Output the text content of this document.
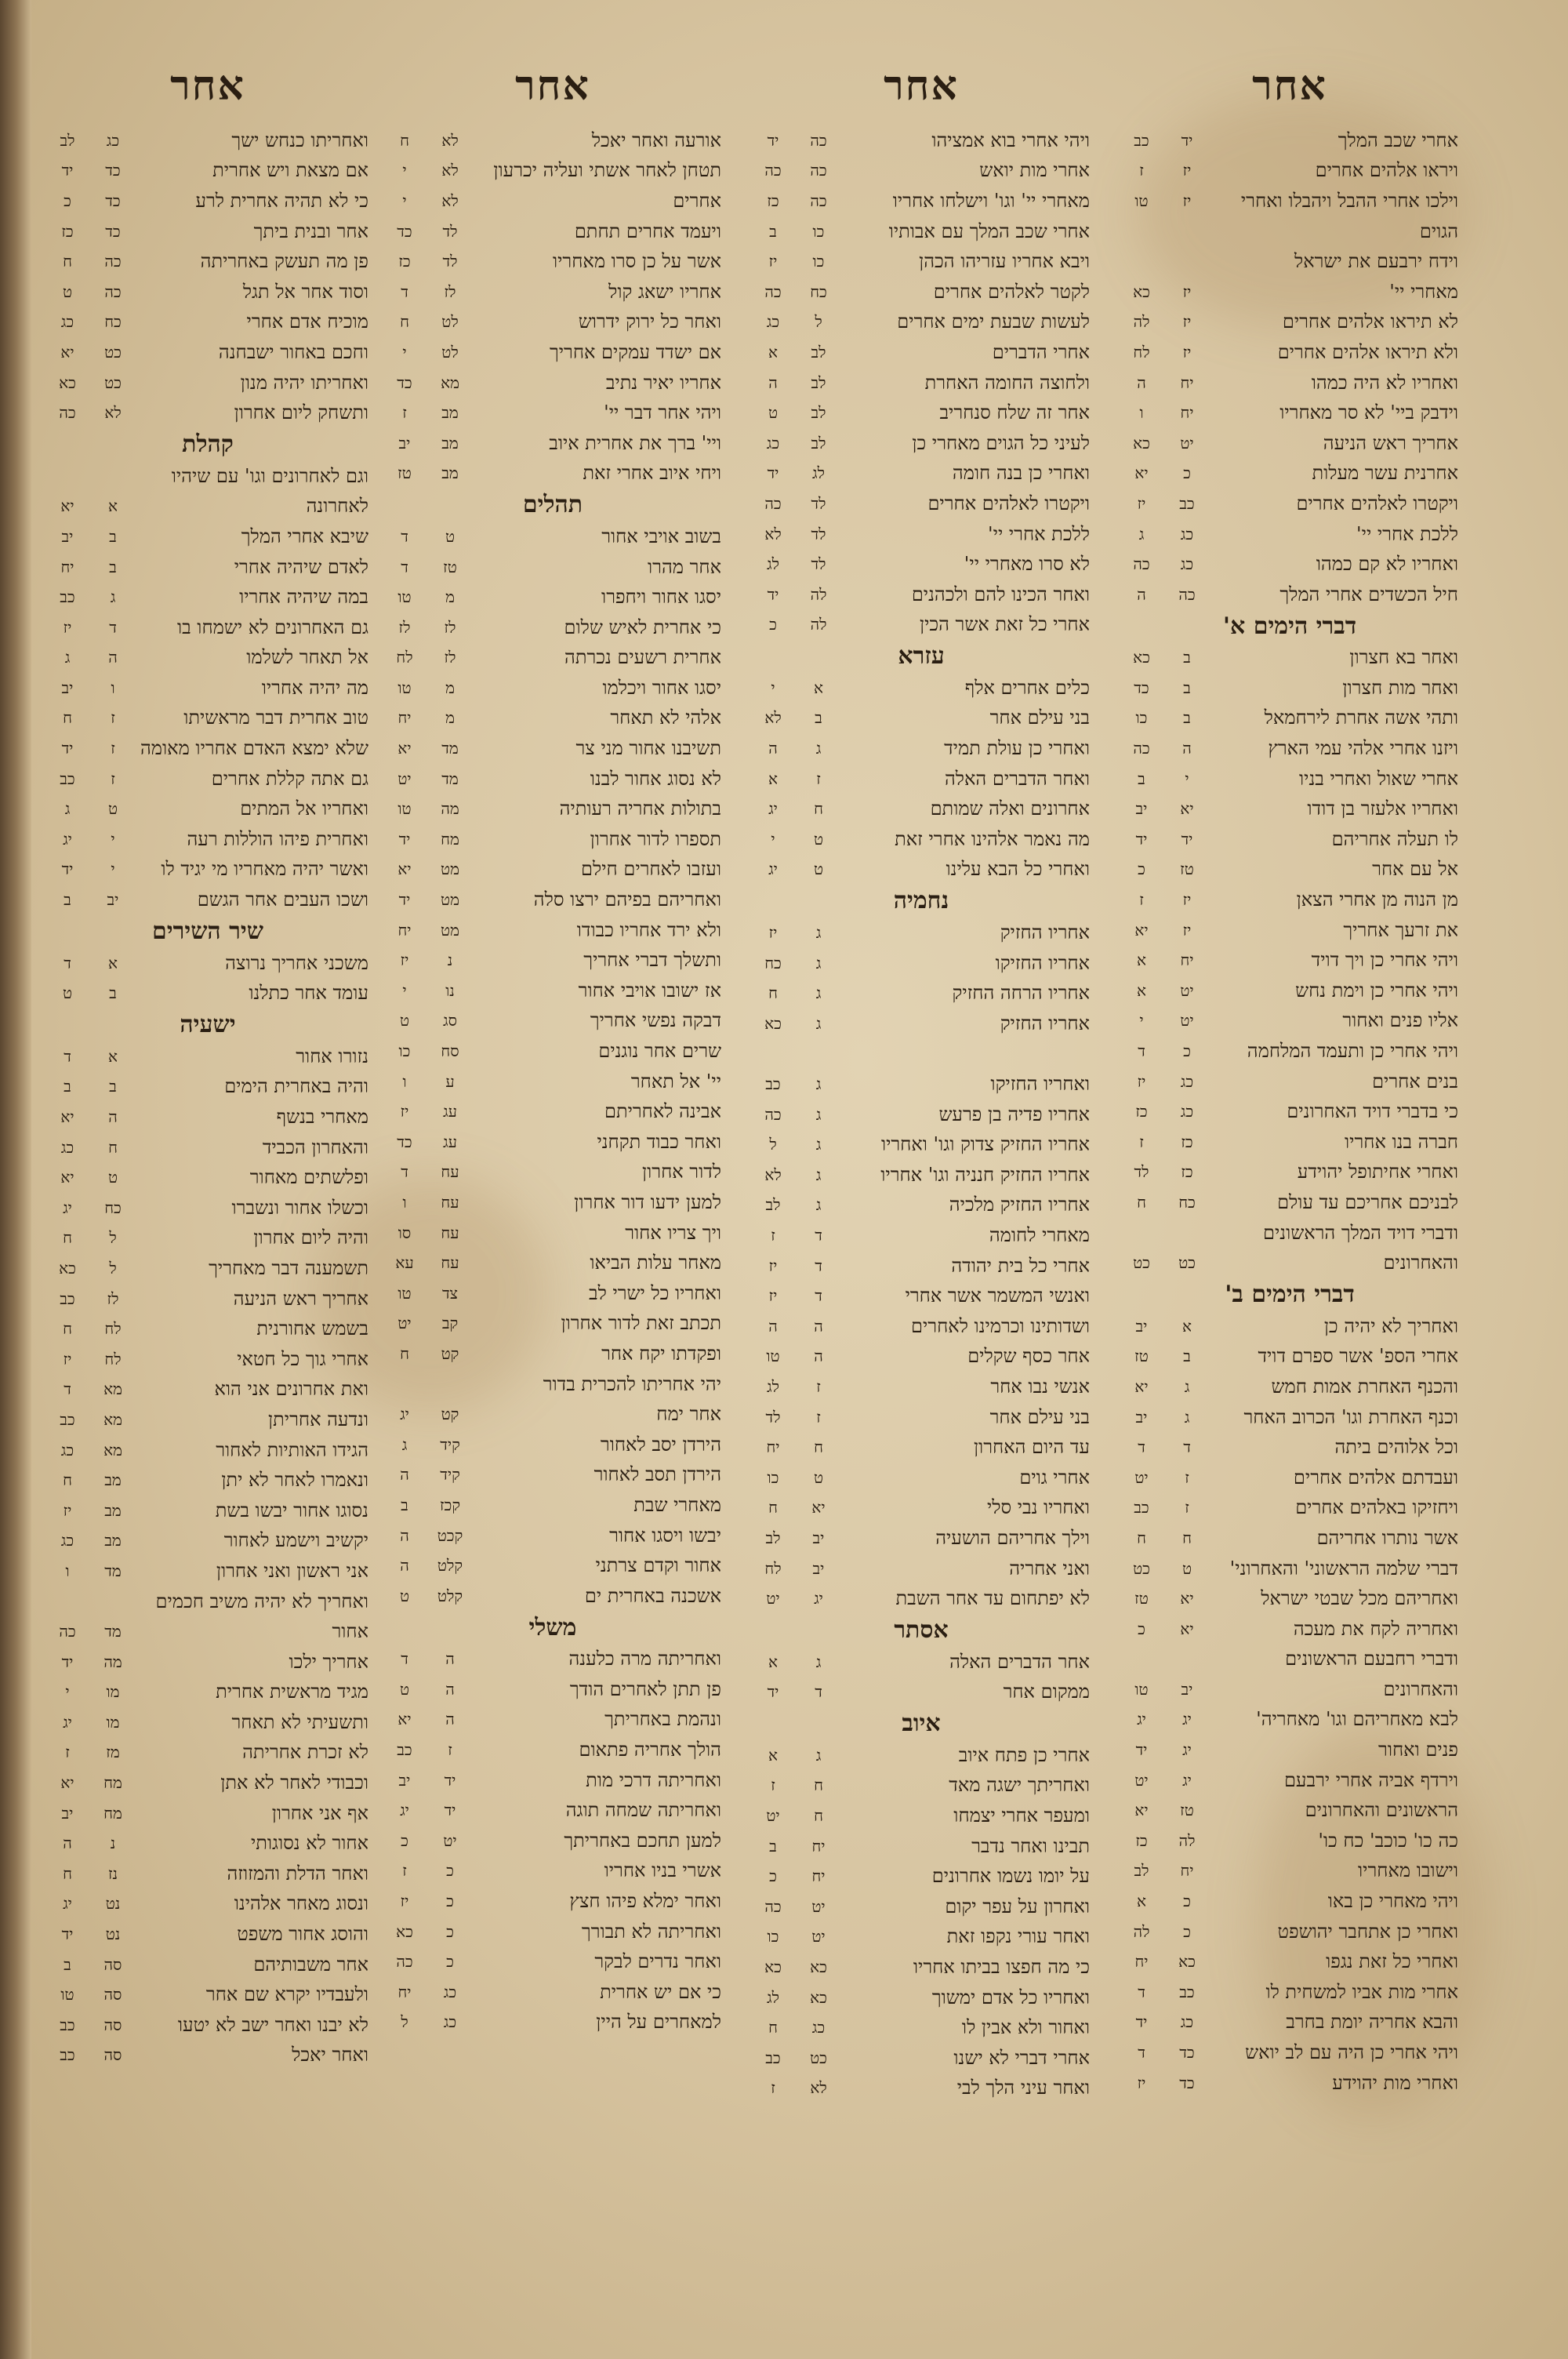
אחר
אחרי שכב המלך
יד
כב
ויראו אלהים אחרים
יז
ז
וילכו אחרי ההבל ויהבלו ואחרי
יז
טו
הגוים
וידח ירבעם את ישראל
מאחרי יי'
יז
כא
לא תיראו אלהים אחרים
יז
לה
ולא תיראו אלהים אחרים
יז
לח
ואחריו לא היה כמהו
יח
ה
וידבק ביי' לא סר מאחריו
יח
ו
אחריך ראש הניעה
יט
כא
אחרנית עשר מעלות
כ
יא
ויקטרו לאלהים אחרים
כב
יז
ללכת אחרי יי'
כג
ג
ואחריו לא קם כמהו
כג
כה
חיל הכשדים אחרי המלך
כה
ה
דברי הימים א'
ואחר בא חצרון
ב
כא
ואחר מות חצרון
ב
כד
ותהי אשה אחרת לירחמאל
ב
כו
ויזנו אחרי אלהי עמי הארץ
ה
כה
אחרי שאול ואחרי בניו
י
ב
ואחריו אלעזר בן דודו
יא
יב
לו תעלה אחריהם
יד
יד
אל עם אחר
טז
כ
מן הנוה מן אחרי הצאן
יז
ז
את זרעך אחריך
יז
יא
ויהי אחרי כן ויך דויד
יח
א
ויהי אחרי כן וימת נחש
יט
א
אליו פנים ואחור
יט
י
ויהי אחרי כן ותעמד המלחמה
כ
ד
בנים אחרים
כג
יז
כי בדברי דויד האחרונים
כג
כז
חברה בנו אחריו
כז
ז
ואחרי אחיתופל יהוידע
כז
לד
לבניכם אחריכם עד עולם
כח
ח
ודברי דויד המלך הראשונים
והאחרונים
כט
כט
דברי הימים ב'
ואחריך לא יהיה כן
א
יב
אחרי הספ' אשר ספרם דויד
ב
טז
והכנף האחרת אמות חמש
ג
יא
וכנף האחרת וגו' הכרוב האחר
ג
יב
וכל אלוהים ביתה
ד
ד
ועבדתם אלהים אחרים
ז
יט
ויחזיקו באלהים אחרים
ז
כב
אשר נותרו אחריהם
ח
ח
דברי שלמה הראשוני' והאחרוני'
ט
כט
ואחריהם מכל שבטי ישראל
יא
טז
ואחריה לקח את מעכה
יא
כ
ודברי רחבעם הראשונים
והאחרונים
יב
טו
לבא מאחריהם וגו' מאחריה'
יג
יג
פנים ואחור
יג
יד
וירדף אביה אחרי ירבעם
יג
יט
הראשונים והאחרונים
טז
יא
כה כו' כוכב' כח כו'
לה
כז
וישובו מאחריו
יח
לב
ויהי מאחרי כן באו
כ
א
ואחרי כן אתחבר יהושפט
כ
לה
ואחרי כל זאת נגפו
כא
יח
אחרי מות אביו למשחית לו
כב
ד
והבא אחריה יומת בחרב
כג
יד
ויהי אחרי כן היה עם לב יואש
כד
ד
ואחרי מות יהוידע
כד
יז
אחר
ויהי אחרי בוא אמציהו
כה
יד
אחרי מות יואש
כה
כה
מאחרי יי' וגו' וישלחו אחריו
כה
כז
אחרי שכב המלך עם אבותיו
כו
ב
ויבא אחריו עזריהו הכהן
כו
יז
לקטר לאלהים אחרים
כח
כה
לעשות שבעת ימים אחרים
ל
כג
אחרי הדברים
לב
א
ולחוצה החומה האחרת
לב
ה
אחר זה שלח סנחריב
לב
ט
לעיני כל הגוים מאחרי כן
לב
כג
ואחרי כן בנה חומה
לג
יד
ויקטרו לאלהים אחרים
לד
כה
ללכת אחרי יי'
לד
לא
לא סרו מאחרי יי'
לד
לג
ואחר הכינו להם ולכהנים
לה
יד
אחרי כל זאת אשר הכין
לה
כ
עזרא
כלים אחרים אלף
א
י
בני עילם אחר
ב
לא
ואחרי כן עולת תמיד
ג
ה
ואחר הדברים האלה
ז
א
אחרונים ואלה שמותם
ח
יג
מה נאמר אלהינו אחרי זאת
ט
י
ואחרי כל הבא עלינו
ט
יג
נחמיה
אחריו החזיק
ג
יז
אחריו החזיקו
ג
כח
אחריו הרחה החזיק
ג
ח
אחריו החזיק
ג
כא
ואחריו החזיקו
ג
כב
אחריו פדיה בן פרעש
ג
כה
אחריו החזיק צדוק וגו' ואחריו
ג
ל
אחריו החזיק חנניה וגו' אחריו
ג
לא
אחריו החזיק מלכיה
ג
לב
מאחרי לחומה
ד
ז
אחרי כל בית יהודה
ד
יז
ואנשי המשמר אשר אחרי
ד
יז
ושדותינו וכרמינו לאחרים
ה
ה
אחר כסף שקלים
ה
טו
אנשי נבו אחר
ז
לג
בני עילם אחר
ז
לד
עד היום האחרון
ח
יח
אחרי גוים
ט
כו
ואחריו נבי סלי
יא
ח
וילך אחריהם הושעיה
יב
לב
ואני אחריה
יב
לח
לא יפתחום עד אחר השבת
יג
יט
אסתר
אחר הדברים האלה
ג
א
ממקום אחר
ד
יד
איוב
אחרי כן פתח איוב
ג
א
ואחריתך ישגה מאד
ח
ז
ומעפר אחרי יצמחו
ח
יט
תבינו ואחר נדבר
יח
ב
על יומו נשמו אחרונים
יח
כ
ואחרון על עפר יקום
יט
כה
ואחר עורי נקפו זאת
יט
כו
כי מה חפצו בביתו אחריו
כא
כא
ואחריו כל אדם ימשוך
כא
לג
ואחור ולא אבין לו
כג
ח
אחרי דברי לא ישנו
כט
כב
ואחר עיני הלך לבי
לא
ז
אחר
אורעה ואחר יאכל
לא
ח
תטחן לאחר אשתי ועליה יכרעון
לא
י
אחרים
לא
י
ויעמד אחרים תחתם
לד
כד
אשר על כן סרו מאחריו
לד
כז
אחריו ישאג קול
לז
ד
ואחר כל ירוק ידרוש
לט
ח
אם ישדד עמקים אחריך
לט
י
אחריו יאיר נתיב
מא
כד
ויהי אחר דבר יי'
מב
ז
ויי' ברך את אחרית איוב
מב
יב
ויחי איוב אחרי זאת
מב
טז
תהלים
בשוב אויבי אחור
ט
ד
אחר מהרו
טז
ד
יסגו אחור ויחפרו
מ
טו
כי אחרית לאיש שלום
לז
לז
אחרית רשעים נכרתה
לז
לח
יסגו אחור ויכלמו
מ
טו
אלהי לא תאחר
מ
יח
תשיבנו אחור מני צר
מד
יא
לא נסוג אחור לבנו
מד
יט
בתולות אחריה רעותיה
מה
טו
תספרו לדור אחרון
מח
יד
ועזבו לאחרים חילם
מט
יא
ואחריהם בפיהם ירצו סלה
מט
יד
ולא ירד אחריו כבודו
מט
יח
ותשלך דברי אחריך
נ
יז
אז ישובו אויבי אחור
נו
י
דבקה נפשי אחריך
סג
ט
שרים אחר נוגנים
סח
כו
יי' אל תאחר
ע
ו
אבינה לאחריתם
עג
יז
ואחר כבוד תקחני
עג
כד
לדור אחרון
עח
ד
למען ידעו דור אחרון
עח
ו
ויך צריו אחור
עח
סו
מאחר עלות הביאו
עח
עא
ואחריו כל ישרי לב
צד
טו
תכתב זאת לדור אחרון
קב
יט
ופקדתו יקח אחר
קט
ח
יהי אחריתו להכרית בדור
אחר ימח
קט
יג
הירדן יסב לאחור
קיד
ג
הירדן תסב לאחור
קיד
ה
מאחרי שבת
קכז
ב
יבשו ויסגו אחור
קכט
ה
אחור וקדם צרתני
קלט
ה
אשכנה באחרית ים
קלט
ט
משלי
ואחריתה מרה כלענה
ה
ד
פן תתן לאחרים הודך
ה
ט
ונהמת באחריתך
ה
יא
הולך אחריה פתאום
ז
כב
ואחריתה דרכי מות
יד
יב
ואחריתה שמחה תוגה
יד
יג
למען תחכם באחריתך
יט
כ
אשרי בניו אחריו
כ
ז
ואחר ימלא פיהו חצץ
כ
יז
ואחריתה לא תבורך
כ
כא
ואחר נדרים לבקר
כ
כה
כי אם יש אחרית
כג
יח
למאחרים על היין
כג
ל
אחר
ואחריתו כנחש ישך
כג
לב
אם מצאת ויש אחרית
כד
יד
כי לא תהיה אחרית לרע
כד
כ
אחר ובנית ביתך
כד
כז
פן מה תעשק באחריתה
כה
ח
וסוד אחר אל תגל
כה
ט
מוכיח אדם אחרי
כח
כג
וחכם באחור ישבחנה
כט
יא
ואחריתו יהיה מנון
כט
כא
ותשחק ליום אחרון
לא
כה
קהלת
וגם לאחרונים וגו' עם שיהיו
לאחרונה
א
יא
שיבא אחרי המלך
ב
יב
לאדם שיהיה אחרי
ב
יח
במה שיהיה אחריו
ג
כב
גם האחרונים לא ישמחו בו
ד
יז
אל תאחר לשלמו
ה
ג
מה יהיה אחריו
ו
יב
טוב אחרית דבר מראשיתו
ז
ח
שלא ימצא האדם אחריו מאומה
ז
יד
גם אתה קללת אחרים
ז
כב
ואחריו אל המתים
ט
ג
ואחרית פיהו הוללות רעה
י
יג
ואשר יהיה מאחריו מי יגיד לו
י
יד
ושכו העבים אחר הגשם
יב
ב
שיר השירים
משכני אחריך נרוצה
א
ד
עומד אחר כתלנו
ב
ט
ישעיה
נזורו אחור
א
ד
והיה באחרית הימים
ב
ב
מאחרי בנשף
ה
יא
והאחרון הכביד
ח
כג
ופלשתים מאחור
ט
יא
וכשלו אחור ונשברו
כח
יג
והיה ליום אחרון
ל
ח
תשמענה דבר מאחריך
ל
כא
אחריך ראש הניעה
לז
כב
בשמש אחורנית
לח
ח
אחרי גוך כל חטאי
לח
יז
ואת אחרונים אני הוא
מא
ד
ונדעה אחריתן
מא
כב
הגידו האותיות לאחור
מא
כג
ונאמרו לאחר לא יתן
מב
ח
נסוגו אחור יבשו בשת
מב
יז
יקשיב וישמע לאחור
מב
כג
אני ראשון ואני אחרון
מד
ו
ואחריך לא יהיה משיב חכמים
אחור
מד
כה
אחריך ילכו
מה
יד
מגיד מראשית אחרית
מו
י
ותשעיתי לא תאחר
מו
יג
לא זכרת אחריתה
מז
ז
וכבודי לאחר לא אתן
מח
יא
אף אני אחרון
מח
יב
אחור לא נסוגותי
נ
ה
ואחר הדלת והמזוזה
נז
ח
ונסוג מאחר אלהינו
נט
יג
והוסג אחור משפט
נט
יד
אחר משבותיהם
סה
ב
ולעבדיו יקרא שם אחר
סה
טו
לא יבנו ואחר ישב לא יטעו
סה
כב
ואחר יאכל
סה
כב
